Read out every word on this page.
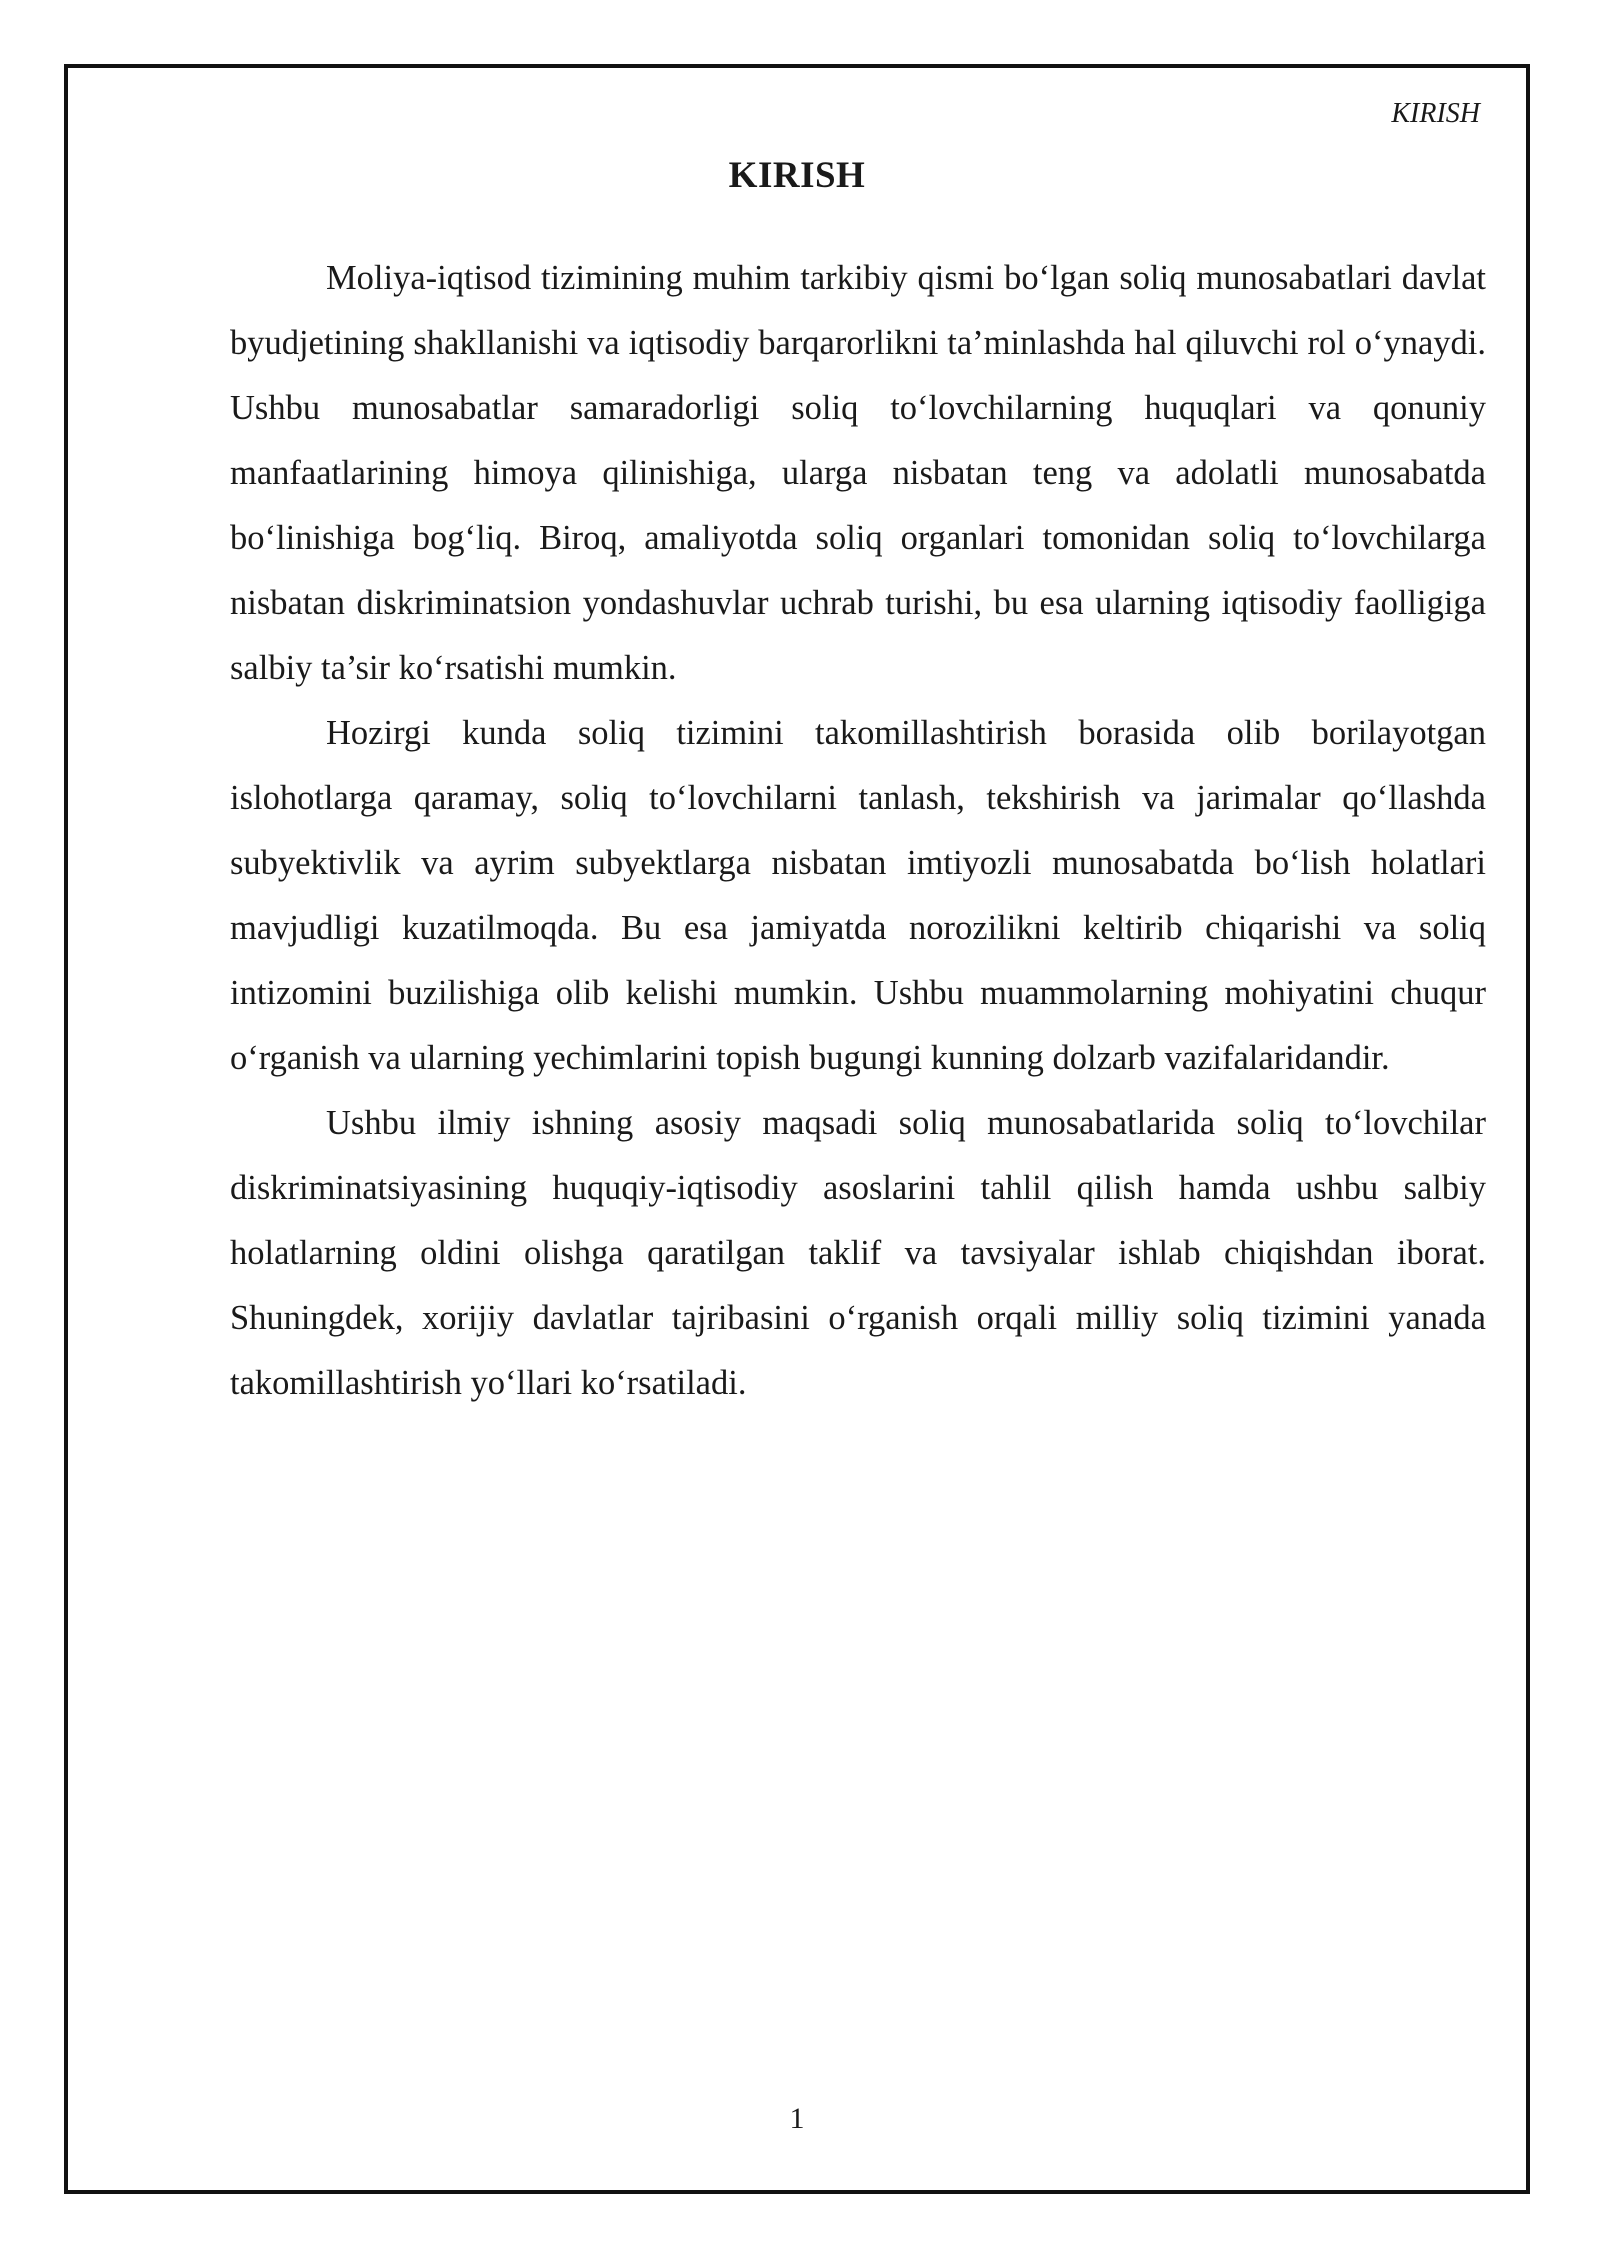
KIRISH
KIRISH

Moliya-iqtisod tizimining muhim tarkibiy qismi bo‘lgan soliq munosabatlari davlat byudjetining shakllanishi va iqtisodiy barqarorlikni ta’minlashda hal qiluvchi rol o‘ynaydi. Ushbu munosabatlar samaradorligi soliq to‘lovchilarning huquqlari va qonuniy manfaatlarining himoya qilinishiga, ularga nisbatan teng va adolatli munosabatda bo‘linishiga bog‘liq. Biroq, amaliyotda soliq organlari tomonidan soliq to‘lovchilarga nisbatan diskriminatsion yondashuvlar uchrab turishi, bu esa ularning iqtisodiy faolligiga salbiy ta’sir ko‘rsatishi mumkin.

Hozirgi kunda soliq tizimini takomillashtirish borasida olib borilayotgan islohotlarga qaramay, soliq to‘lovchilarni tanlash, tekshirish va jarimalar qo‘llashda subyektivlik va ayrim subyektlarga nisbatan imtiyozli munosabatda bo‘lish holatlari mavjudligi kuzatilmoqda. Bu esa jamiyatda norozilikni keltirib chiqarishi va soliq intizomini buzilishiga olib kelishi mumkin. Ushbu muammolarning mohiyatini chuqur o‘rganish va ularning yechimlarini topish bugungi kunning dolzarb vazifalaridandir.

Ushbu ilmiy ishning asosiy maqsadi soliq munosabatlarida soliq to‘lovchilar diskriminatsiyasining huquqiy-iqtisodiy asoslarini tahlil qilish hamda ushbu salbiy holatlarning oldini olishga qaratilgan taklif va tavsiyalar ishlab chiqishdan iborat. Shuningdek, xorijiy davlatlar tajribasini o‘rganish orqali milliy soliq tizimini yanada takomillashtirish yo‘llari ko‘rsatiladi.

1
